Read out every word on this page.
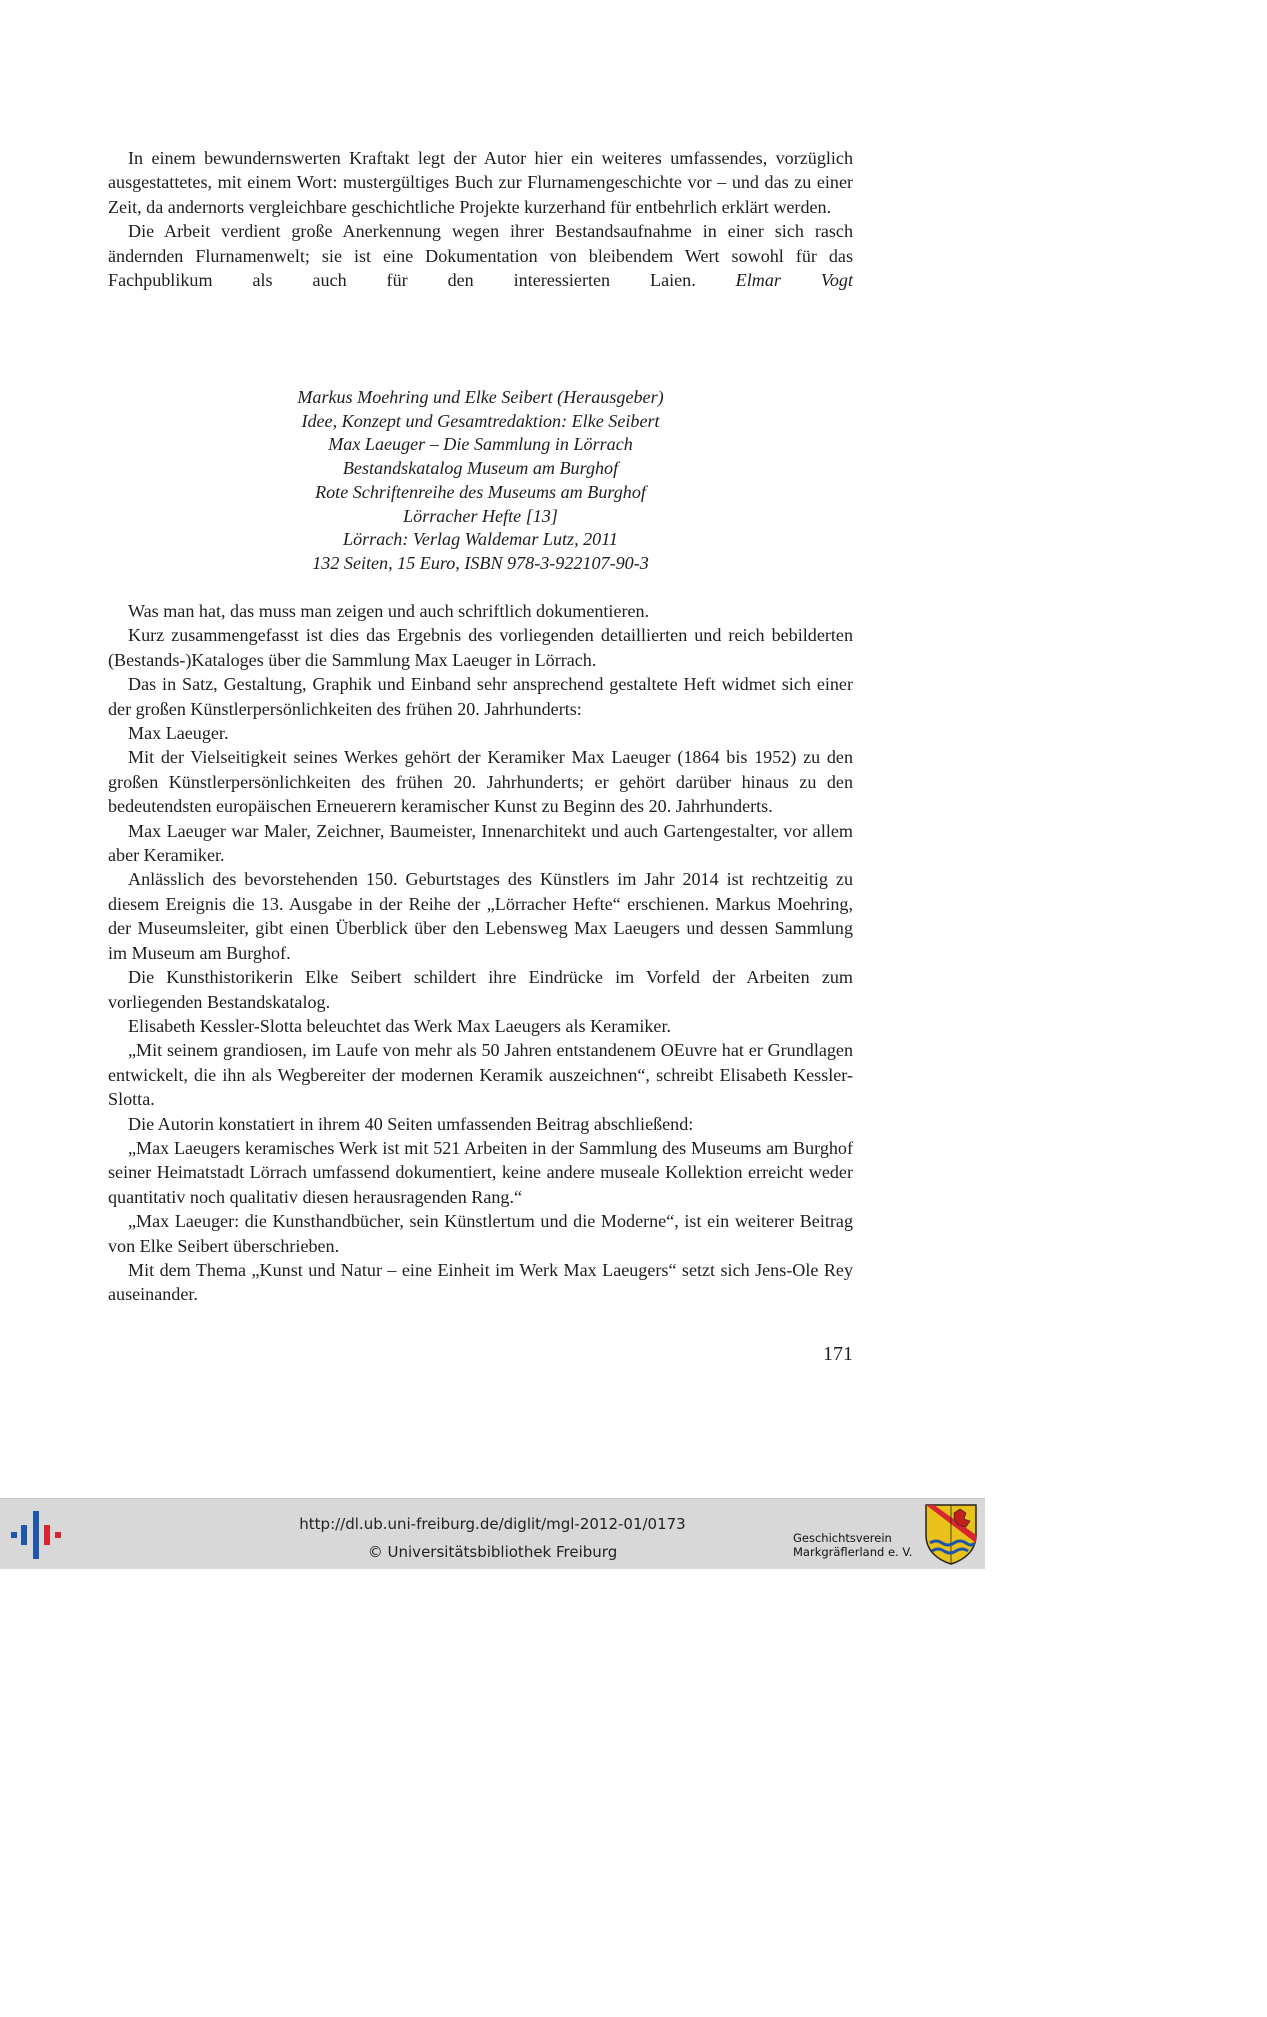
In einem bewundernswerten Kraftakt legt der Autor hier ein weiteres umfassendes, vorzüglich ausgestattetes, mit einem Wort: mustergültiges Buch zur Flurnamengeschichte vor – und das zu einer Zeit, da andernorts vergleichbare geschichtliche Projekte kurzerhand für entbehrlich erklärt werden.

Die Arbeit verdient große Anerkennung wegen ihrer Bestandsaufnahme in einer sich rasch ändernden Flurnamenwelt; sie ist eine Dokumentation von bleibendem Wert sowohl für das Fachpublikum als auch für den interessierten Laien. Elmar Vogt

Markus Moehring und Elke Seibert (Herausgeber)
Idee, Konzept und Gesamtredaktion: Elke Seibert
Max Laeuger – Die Sammlung in Lörrach
Bestandskatalog Museum am Burghof
Rote Schriftenreihe des Museums am Burghof
Lörracher Hefte [13]
Lörrach: Verlag Waldemar Lutz, 2011
132 Seiten, 15 Euro, ISBN 978-3-922107-90-3

Was man hat, das muss man zeigen und auch schriftlich dokumentieren.

Kurz zusammengefasst ist dies das Ergebnis des vorliegenden detaillierten und reich bebilderten (Bestands-)Kataloges über die Sammlung Max Laeuger in Lörrach.

Das in Satz, Gestaltung, Graphik und Einband sehr ansprechend gestaltete Heft widmet sich einer der großen Künstlerpersönlichkeiten des frühen 20. Jahrhunderts:

Max Laeuger.

Mit der Vielseitigkeit seines Werkes gehört der Keramiker Max Laeuger (1864 bis 1952) zu den großen Künstlerpersönlichkeiten des frühen 20. Jahrhunderts; er gehört darüber hinaus zu den bedeutendsten europäischen Erneuerern keramischer Kunst zu Beginn des 20. Jahrhunderts.

Max Laeuger war Maler, Zeichner, Baumeister, Innenarchitekt und auch Gartengestalter, vor allem aber Keramiker.

Anlässlich des bevorstehenden 150. Geburtstages des Künstlers im Jahr 2014 ist rechtzeitig zu diesem Ereignis die 13. Ausgabe in der Reihe der „Lörracher Hefte“ erschienen. Markus Moehring, der Museumsleiter, gibt einen Überblick über den Lebensweg Max Laeugers und dessen Sammlung im Museum am Burghof.

Die Kunsthistorikerin Elke Seibert schildert ihre Eindrücke im Vorfeld der Arbeiten zum vorliegenden Bestandskatalog.

Elisabeth Kessler-Slotta beleuchtet das Werk Max Laeugers als Keramiker.

„Mit seinem grandiosen, im Laufe von mehr als 50 Jahren entstandenem OEuvre hat er Grundlagen entwickelt, die ihn als Wegbereiter der modernen Keramik auszeichnen“, schreibt Elisabeth Kessler-Slotta.

Die Autorin konstatiert in ihrem 40 Seiten umfassenden Beitrag abschließend:

„Max Laeugers keramisches Werk ist mit 521 Arbeiten in der Sammlung des Museums am Burghof seiner Heimatstadt Lörrach umfassend dokumentiert, keine andere museale Kollektion erreicht weder quantitativ noch qualitativ diesen herausragenden Rang.“

„Max Laeuger: die Kunsthandbücher, sein Künstlertum und die Moderne“, ist ein weiterer Beitrag von Elke Seibert überschrieben.

Mit dem Thema „Kunst und Natur – eine Einheit im Werk Max Laeugers“ setzt sich Jens-Ole Rey auseinander.

171
http://dl.ub.uni-freiburg.de/diglit/mgl-2012-01/0173
© Universitätsbibliothek Freiburg
Geschichtsverein
Markgräflerland e. V.
